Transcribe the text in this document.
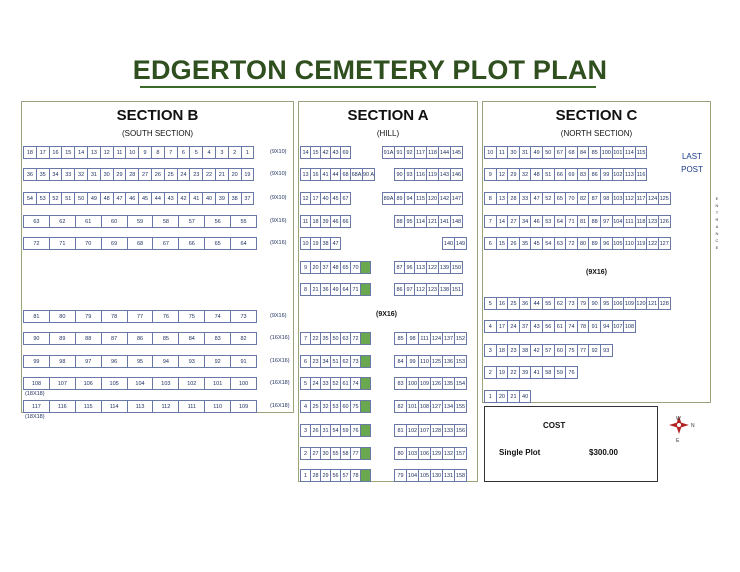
EDGERTON CEMETERY PLOT PLAN
SECTION B
(SOUTH SECTION)
18	17	16	15	14	13	12	11	10	9	8	7	6	5	4	3	2	1	(9X10)
36	35	34	33	32	31	30	29	28	27	26	25	24	23	22	21	20	19	(9X10)
54	53	52	51	50	49	48	47	46	45	44	43	42	41	40	39	38	37	(9X10)
63	62	61	60	59	58	57	56	55	(9X16)
72	71	70	69	68	67	66	65	64	(9X16)
81	80	79	78	77	76	75	74	73	(9X16)
90	89	88	87	86	85	84	83	82	(16X16)
99	98	97	96	95	94	93	92	91	(16X16)
108	107	106	105	104	103	102	101	100	(16X18)
(18X18)
117	116	115	114	113	112	111	110	109	(16X18)
(18X18)
SECTION A
(HILL)
(9X16)
14 15 42 43 69	91A 91 92 117 118 144 145
13 16 41 44 68 68A 90 A	90 93 116 119 143 146
12 17 40 45 67	89A 89 94 115 120 142 147
11 18 39 46 66	88 95 114 121 141 148
10 19 38 47	140 149
9 20 37 48 65 70	87 96 113 122 139 150
8 21 36 49 64 71	86 97 112 123 138 151
7 22 35 50 63 72	85	98 111 124 137 152
6 23 34 51 62 73	84	99 110 125 136 153
5 24 33 52 61 74	83 100 109 126 135 154
4 25 32 53 60 75	82 101 108 127 134 155
3 26 31 54 59 76	81 102 107 128 133 156
2 27 30 55 58 77	80 103 106 129 132 157
1 28 29 56 57 78	79 104 105 130 131 158
SECTION C
(NORTH SECTION)
LAST
POST
(9X16)
E
N
T
R
A
N
C
E
10	11	30 31 49 50 67 68 84 85 100 101 114 115
9	12 29 32 48 51 66 69 83 86 99 102 113 116
8	13 28 33 47 52 65 70 82 87 98 103 112 117 124 125
7	14 27 34 46 53 64 71 81 88 97 104 111 118 123 126
6	15 26 35 45 54 63 72 80 89 96 105 110 119 122 127
5	16 25 36 44 55 62 73 79 90 95 106 109 120 121 128
4	17 24 37 43 56 61 74 78 91 94 107 108
3	18 23 38 42 57 60 75 77 92 93
2	19 22 39 41 58 59 76
1	20 21 40
COST
Single Plot	$300.00
W
N
E
